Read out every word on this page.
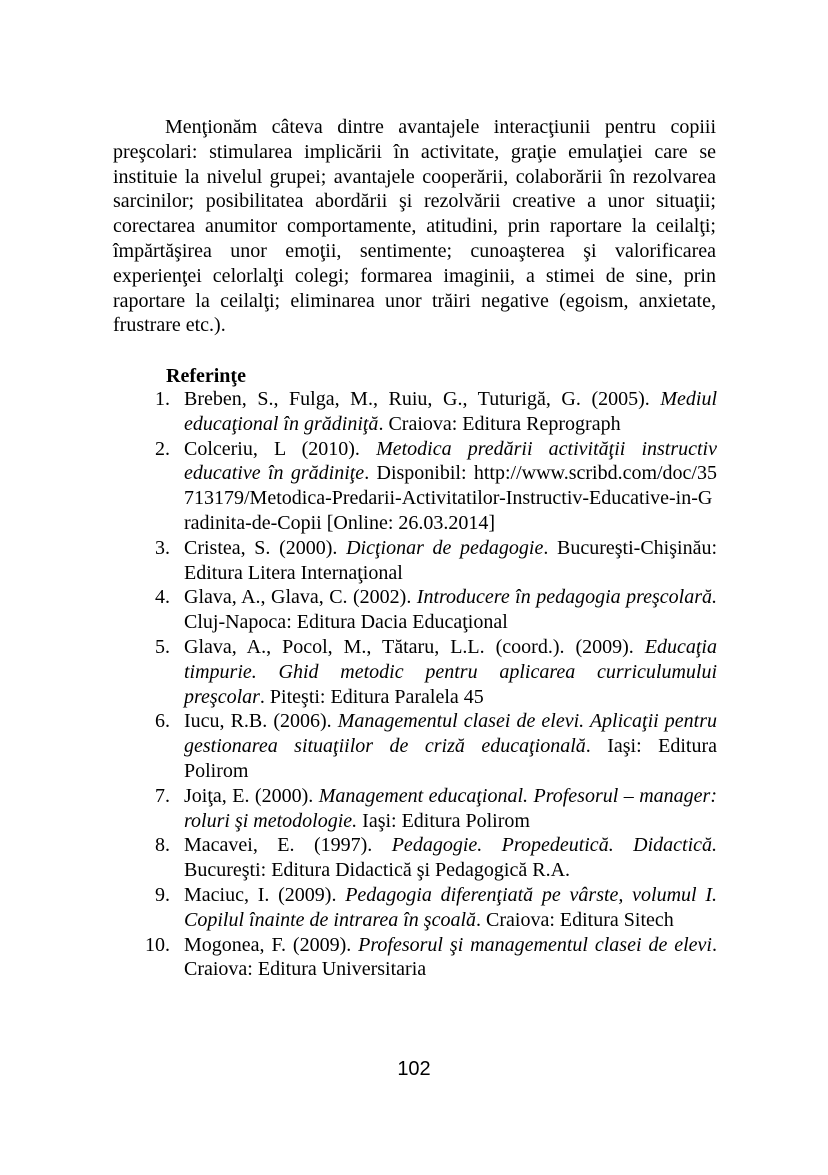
Menţionăm câteva dintre avantajele interacţiunii pentru copiii preşcolari: stimularea implicării în activitate, graţie emulaţiei care se instituie la nivelul grupei; avantajele cooperării, colaborării în rezolvarea sarcinilor; posibilitatea abordării şi rezolvării creative a unor situaţii; corectarea anumitor comportamente, atitudini, prin raportare la ceilalţi; împărtăşirea unor emoţii, sentimente; cunoaşterea şi valorificarea experienţei celorlalţi colegi; formarea imaginii, a stimei de sine, prin raportare la ceilalţi; eliminarea unor trăiri negative (egoism, anxietate, frustrare etc.).

Referinţe

1. Breben, S., Fulga, M., Ruiu, G., Tuturigă, G. (2005). Mediul educaţional în grădiniţă. Craiova: Editura Reprograph
2. Colceriu, L (2010). Metodica predării activităţii instructiv educative în grădiniţe. Disponibil: http://www.scribd.com/doc/35713179/Metodica-Predarii-Activitatilor-Instructiv-Educative-in-Gradinita-de-Copii [Online: 26.03.2014]
3. Cristea, S. (2000). Dicţionar de pedagogie. Bucureşti-Chişinău: Editura Litera Internaţional
4. Glava, A., Glava, C. (2002). Introducere în pedagogia preşcolară. Cluj-Napoca: Editura Dacia Educaţional
5. Glava, A., Pocol, M., Tătaru, L.L. (coord.). (2009). Educaţia timpurie. Ghid metodic pentru aplicarea curriculumului preşcolar. Piteşti: Editura Paralela 45
6. Iucu, R.B. (2006). Managementul clasei de elevi. Aplicaţii pentru gestionarea situaţiilor de criză educaţională. Iaşi: Editura Polirom
7. Joiţa, E. (2000). Management educaţional. Profesorul – manager: roluri şi metodologie. Iaşi: Editura Polirom
8. Macavei, E. (1997). Pedagogie. Propedeutică. Didactică. Bucureşti: Editura Didactică şi Pedagogică R.A.
9. Maciuc, I. (2009). Pedagogia diferenţiată pe vârste, volumul I. Copilul înainte de intrarea în şcoală. Craiova: Editura Sitech
10. Mogonea, F. (2009). Profesorul şi managementul clasei de elevi. Craiova: Editura Universitaria
102
